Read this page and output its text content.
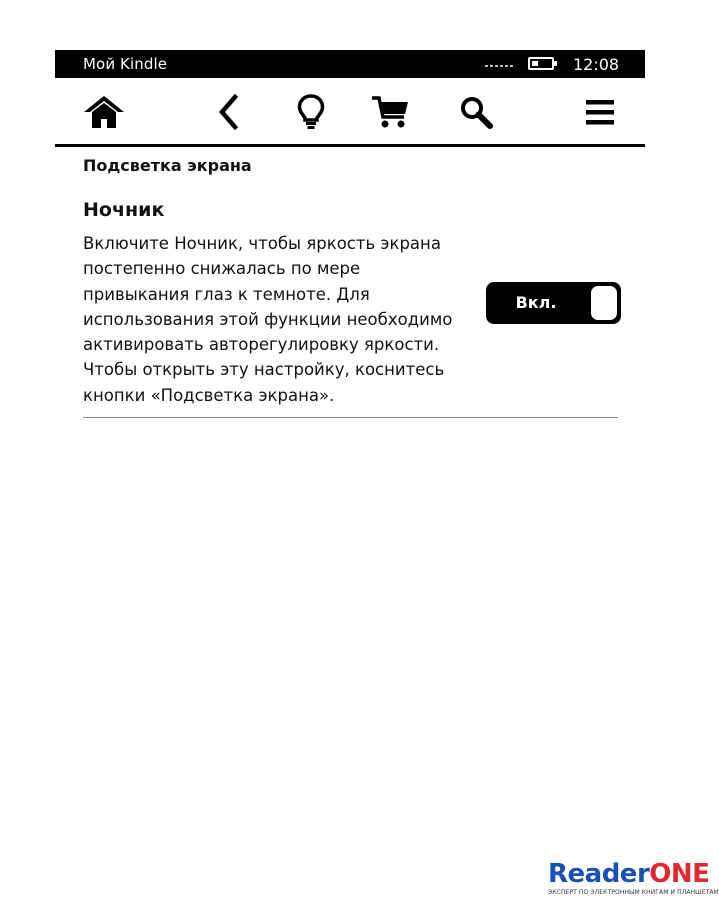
Мой Kindle	12:08
Подсветка экрана
Ночник
Включите Ночник, чтобы яркость экрана постепенно снижалась по мере привыкания глаз к темноте. Для использования этой функции необходимо активировать авторегулировку яркости. Чтобы открыть эту настройку, коснитесь кнопки «Подсветка экрана».
Вкл.
ReaderONE
ЭКСПЕРТ ПО ЭЛЕКТРОННЫМ КНИГАМ И ПЛАНШЕТАМ
